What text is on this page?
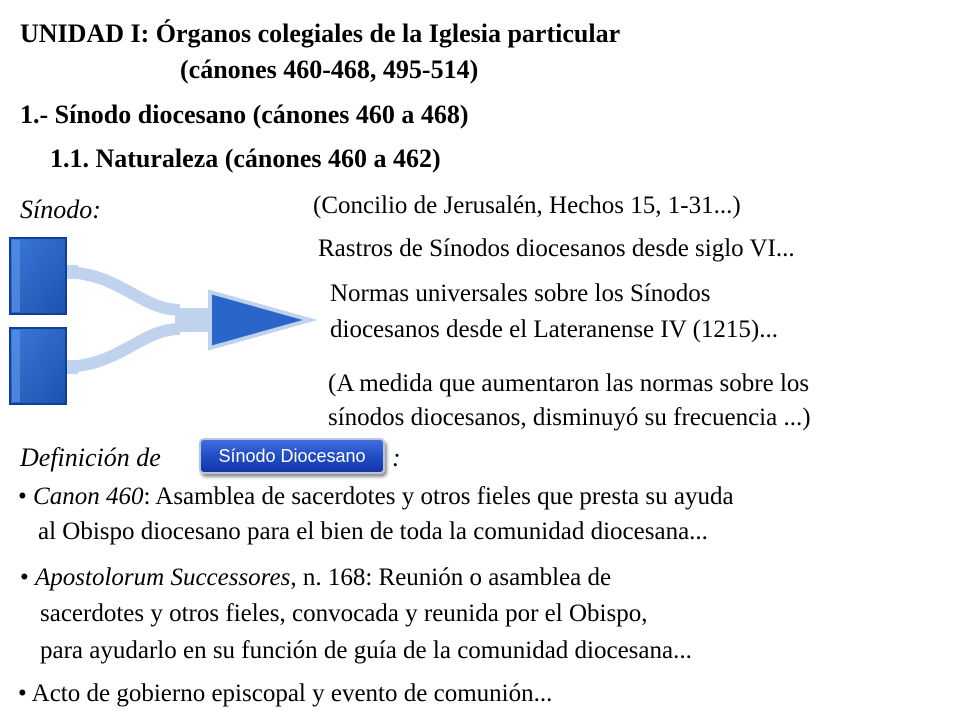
UNIDAD I: Órganos colegiales de la Iglesia particular
(cánones 460-468, 495-514)
1.- Sínodo diocesano (cánones 460 a 468)
1.1. Naturaleza (cánones 460 a 462)
Sínodo:	(Concilio de Jerusalén, Hechos 15, 1-31...)
Rastros de Sínodos diocesanos desde siglo VI...
Normas universales sobre los Sínodos
diocesanos desde el Lateranense IV (1215)...
(A medida que aumentaron las normas sobre los
sínodos diocesanos, disminuyó su frecuencia ...)
Definición de	Sínodo Diocesano :
• Canon 460: Asamblea de sacerdotes y otros fieles que presta su ayuda
al Obispo diocesano para el bien de toda la comunidad diocesana...
• Apostolorum Successores, n. 168: Reunión o asamblea de
sacerdotes y otros fieles, convocada y reunida por el Obispo,
para ayudarlo en su función de guía de la comunidad diocesana...
• Acto de gobierno episcopal y evento de comunión...
